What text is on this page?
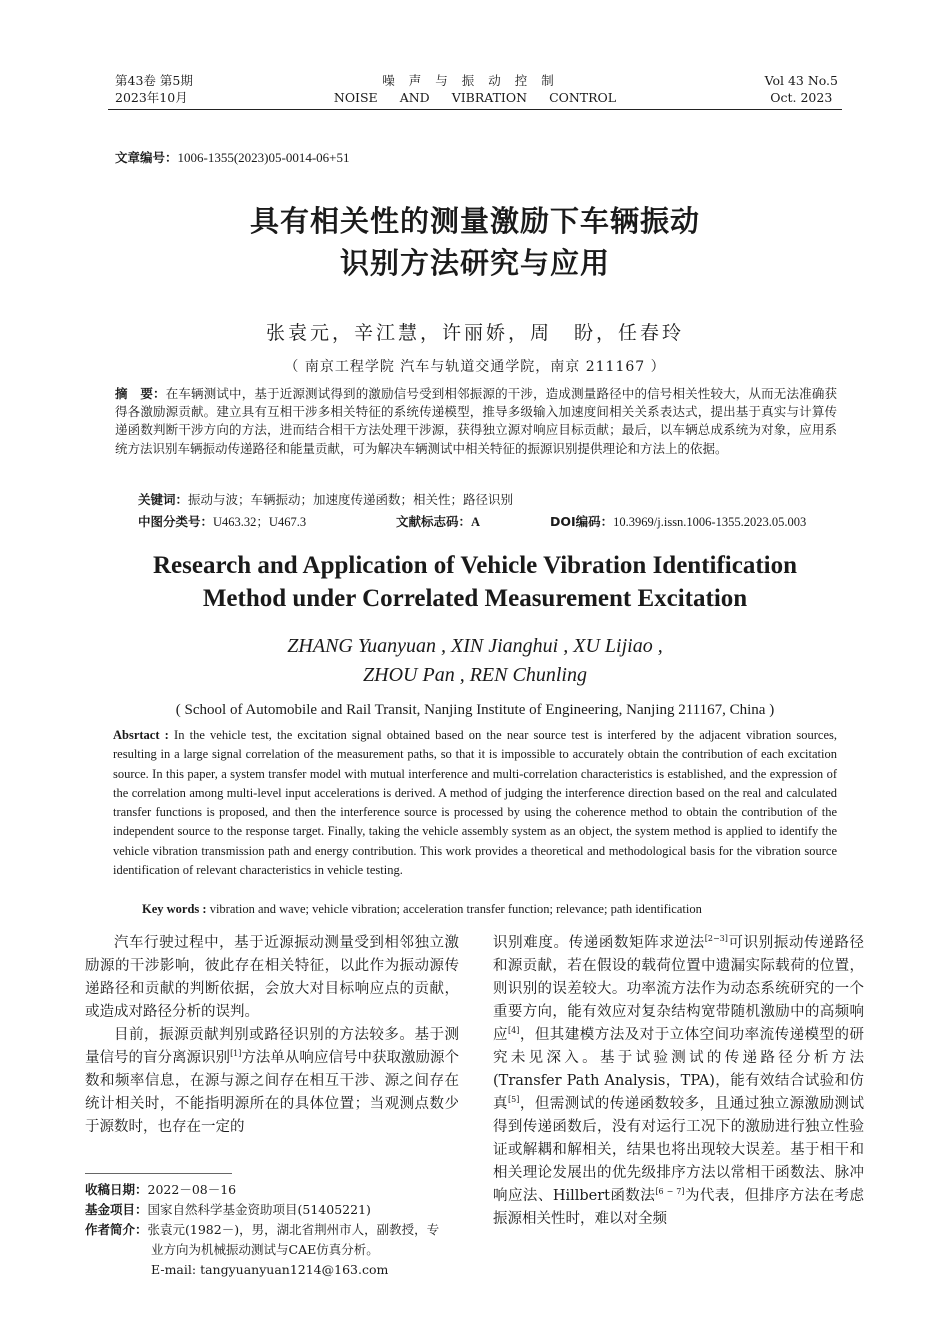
第43卷 第5期
2023年10月
噪声与振动控制
NOISE AND VIBRATION CONTROL
Vol 43 No.5
Oct. 2023
文章编号：1006-1355(2023)05-0014-06+51
具有相关性的测量激励下车辆振动
识别方法研究与应用
张袁元，辛江慧，许丽娇，周　盼，任春玲
（ 南京工程学院 汽车与轨道交通学院，南京 211167 ）
摘　要：在车辆测试中，基于近源测试得到的激励信号受到相邻振源的干涉，造成测量路径中的信号相关性较大，从而无法准确获得各激励源贡献。建立具有互相干涉多相关特征的系统传递模型，推导多级输入加速度间相关关系表达式，提出基于真实与计算传递函数判断干涉方向的方法，进而结合相干方法处理干涉源，获得独立源对响应目标贡献；最后，以车辆总成系统为对象，应用系统方法识别车辆振动传递路径和能量贡献，可为解决车辆测试中相关特征的振源识别提供理论和方法上的依据。
关键词：振动与波；车辆振动；加速度传递函数；相关性；路径识别
中图分类号：U463.32；U467.3	文献标志码：A	DOI编码：10.3969/j.issn.1006-1355.2023.05.003
Research and Application of Vehicle Vibration Identification
Method under Correlated Measurement Excitation
ZHANG Yuanyuan , XIN Jianghui , XU Lijiao ,
ZHOU Pan , REN Chunling
( School of Automobile and Rail Transit, Nanjing Institute of Engineering, Nanjing 211167, China )
Absrtact : In the vehicle test, the excitation signal obtained based on the near source test is interfered by the adjacent vibration sources, resulting in a large signal correlation of the measurement paths, so that it is impossible to accurately obtain the contribution of each excitation source. In this paper, a system transfer model with mutual interference and multi-correlation characteristics is established, and the expression of the correlation among multi-level input accelerations is derived. A method of judging the interference direction based on the real and calculated transfer functions is proposed, and then the interference source is processed by using the coherence method to obtain the contribution of the independent source to the response target. Finally, taking the vehicle assembly system as an object, the system method is applied to identify the vehicle vibration transmission path and energy contribution. This work provides a theoretical and methodological basis for the vibration source identification of relevant characteristics in vehicle testing.
Key words : vibration and wave; vehicle vibration; acceleration transfer function; relevance; path identification

汽车行驶过程中，基于近源振动测量受到相邻独立激励源的干涉影响，彼此存在相关特征，以此作为振动源传递路径和贡献的判断依据，会放大对目标响应点的贡献，或造成对路径分析的误判。

目前，振源贡献判别或路径识别的方法较多。基于测量信号的盲分离源识别[1]方法单从响应信号中获取激励源个数和频率信息，在源与源之间存在相互干涉、源之间存在统计相关时，不能指明源所在的具体位置；当观测点数少于源数时，也存在一定的

收稿日期：2022－08－16
基金项目：国家自然科学基金资助项目(51405221)
作者简介：张袁元(1982－)，男，湖北省荆州市人，副教授，专
业方向为机械振动测试与CAE仿真分析。
E-mail: tangyuanyuan1214@163.com

识别难度。传递函数矩阵求逆法[2−3]可识别振动传递路径和源贡献，若在假设的载荷位置中遗漏实际载荷的位置，则识别的误差较大。功率流方法作为动态系统研究的一个重要方向，能有效应对复杂结构宽带随机激励中的高频响应[4]，但其建模方法及对于立体空间功率流传递模型的研究未见深入。基于试验测试的传递路径分析方法(Transfer Path Analysis，TPA)，能有效结合试验和仿真[5]，但需测试的传递函数较多，且通过独立源激励测试得到传递函数后，没有对运行工况下的激励进行独立性验证或解耦和解相关，结果也将出现较大误差。基于相干和相关理论发展出的优先级排序方法以常相干函数法、脉冲响应法、Hillbert函数法[6 − 7]为代表，但排序方法在考虑振源相关性时，难以对全频
